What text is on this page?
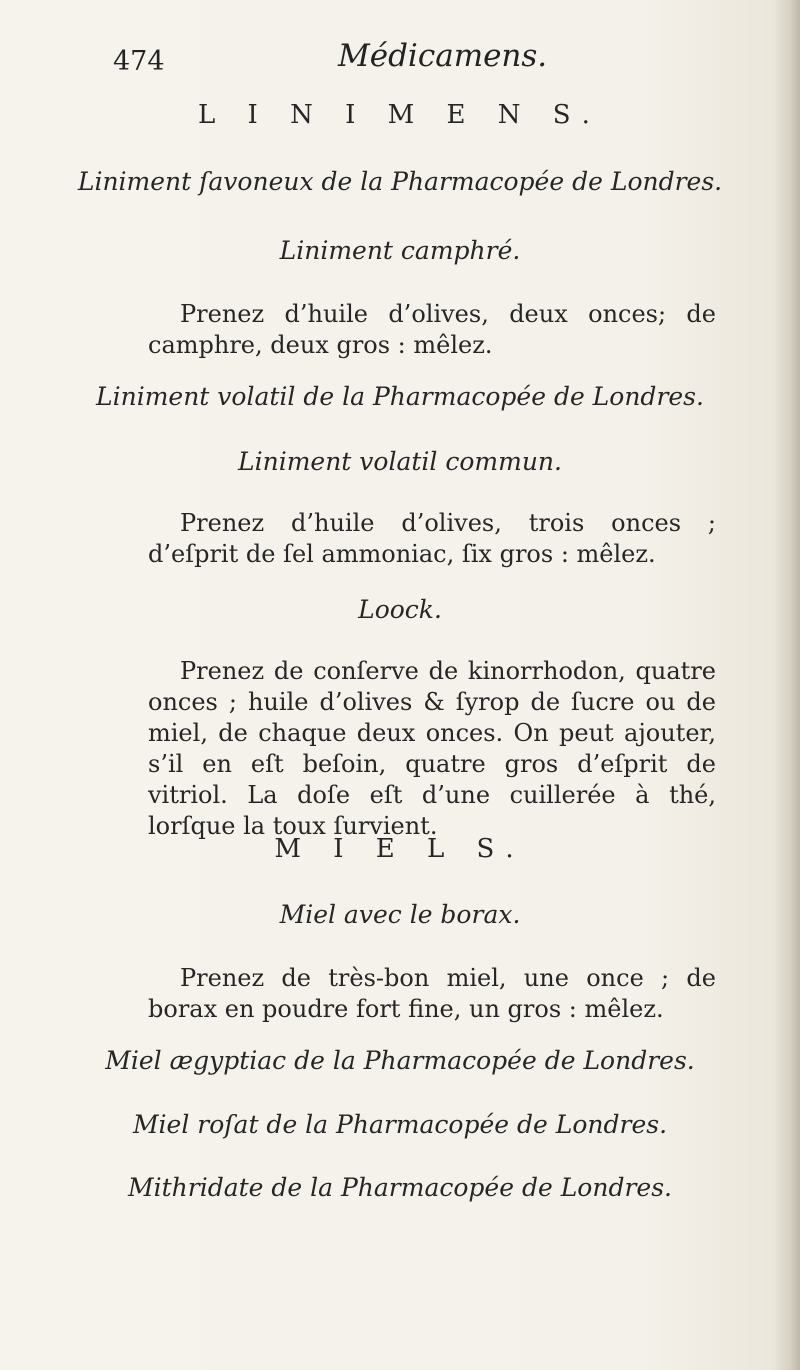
474	Médicamens.
L I N I M E N S.
Liniment ſavoneux de la Pharmacopée de Londres.
Liniment camphré.
Prenez d’huile d’olives, deux onces; de camphre, deux gros : mêlez.
Liniment volatil de la Pharmacopée de Londres.
Liniment volatil commun.
Prenez d’huile d’olives, trois onces ; d’eſprit de ſel ammoniac, ſix gros : mêlez.
Loock.
Prenez de conſerve de kinorrhodon, quatre onces ; huile d’olives & ſyrop de ſucre ou de miel, de chaque deux onces. On peut ajouter, s’il en eſt beſoin, quatre gros d’eſprit de vitriol. La doſe eſt d’une cuillerée à thé, lorſque la toux ſurvient.
M I E L S.
Miel avec le borax.
Prenez de très-bon miel, une once ; de borax en poudre fort fine, un gros : mêlez.
Miel ægyptiac de la Pharmacopée de Londres.
Miel roſat de la Pharmacopée de Londres.
Mithridate de la Pharmacopée de Londres.
